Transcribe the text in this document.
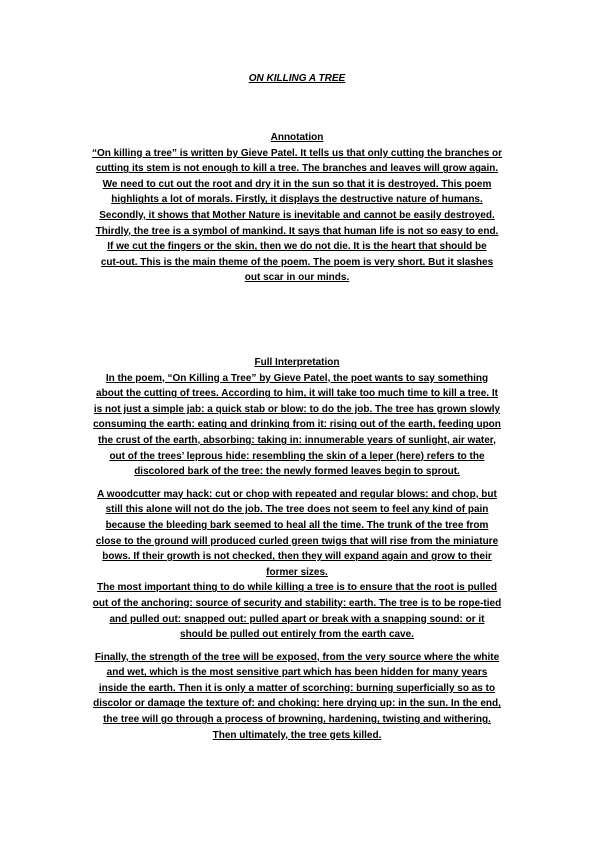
ON KILLING A TREE
Annotation

“On killing a tree” is written by Gieve Patel. It tells us that only cutting the branches or
cutting its stem is not enough to kill a tree. The branches and leaves will grow again.
We need to cut out the root and dry it in the sun so that it is destroyed. This poem
highlights a lot of morals. Firstly, it displays the destructive nature of humans.
Secondly, it shows that Mother Nature is inevitable and cannot be easily destroyed.
Thirdly, the tree is a symbol of mankind. It says that human life is not so easy to end.
If we cut the fingers or the skin, then we do not die. It is the heart that should be
cut-out. This is the main theme of the poem. The poem is very short. But it slashes
out scar in our minds.

Full Interpretation

In the poem, “On Killing a Tree” by Gieve Patel, the poet wants to say something
about the cutting of trees. According to him, it will take too much time to kill a tree. It
is not just a simple jab: a quick stab or blow: to do the job. The tree has grown slowly
consuming the earth: eating and drinking from it: rising out of the earth, feeding upon
the crust of the earth, absorbing: taking in: innumerable years of sunlight, air water,
out of the trees’ leprous hide: resembling the skin of a leper (here) refers to the
discolored bark of the tree: the newly formed leaves begin to sprout.

A woodcutter may hack: cut or chop with repeated and regular blows: and chop, but
still this alone will not do the job. The tree does not seem to feel any kind of pain
because the bleeding bark seemed to heal all the time. The trunk of the tree from
close to the ground will produced curled green twigs that will rise from the miniature
bows. If their growth is not checked, then they will expand again and grow to their
former sizes.
The most important thing to do while killing a tree is to ensure that the root is pulled
out of the anchoring: source of security and stability: earth. The tree is to be rope-tied
and pulled out: snapped out: pulled apart or break with a snapping sound: or it
should be pulled out entirely from the earth cave.

Finally, the strength of the tree will be exposed, from the very source where the white
and wet, which is the most sensitive part which has been hidden for many years
inside the earth. Then it is only a matter of scorching: burning superficially so as to
discolor or damage the texture of: and choking: here drying up: in the sun. In the end,
the tree will go through a process of browning, hardening, twisting and withering.
Then ultimately, the tree gets killed.
